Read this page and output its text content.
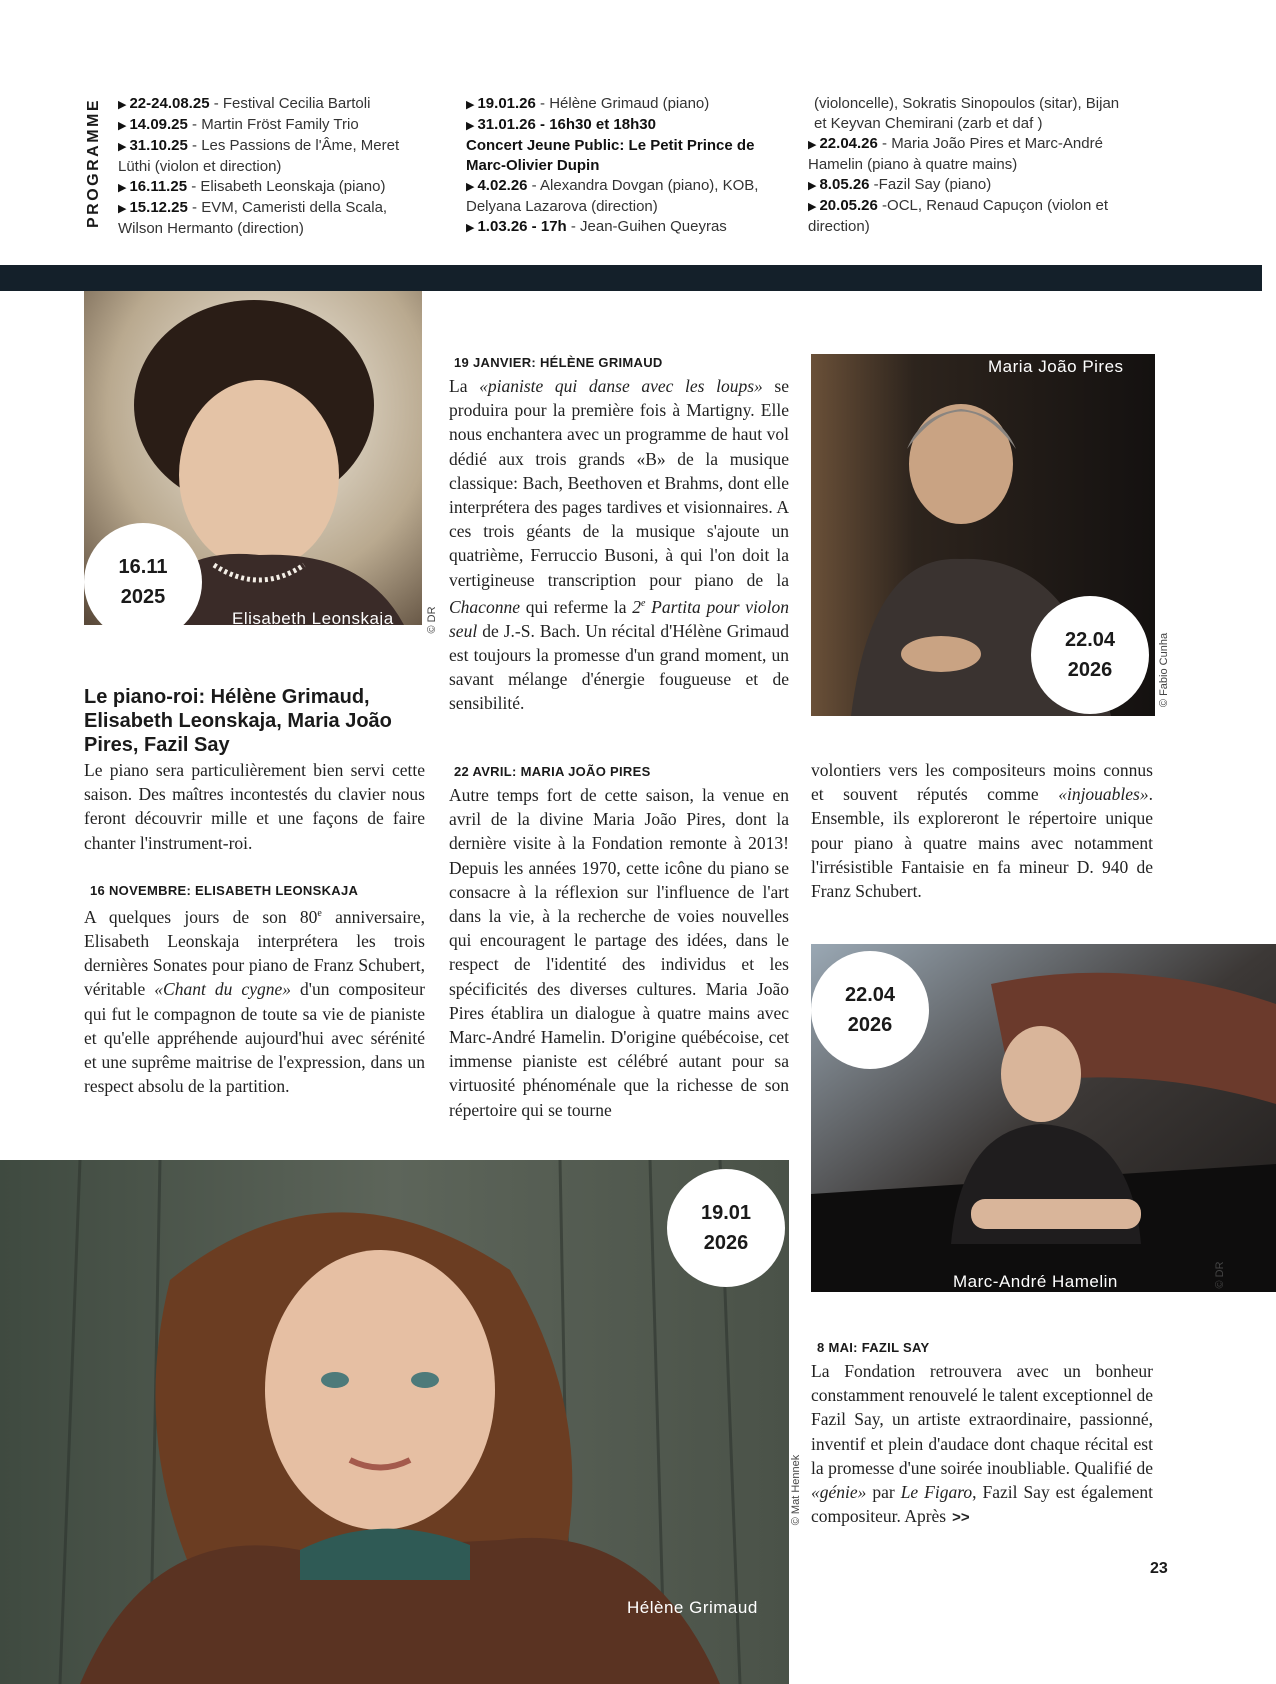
PROGRAMME ▶ 22-24.08.25 - Festival Cecilia Bartoli

▶ 14.09.25 - Martin Fröst Family Trio

▶ 31.10.25 - Les Passions de l'Âme, Meret Lüthi (violon et direction)

▶ 16.11.25 - Elisabeth Leonskaja (piano)

▶ 15.12.25 - EVM, Cameristi della Scala, Wilson Hermanto (direction)

▶ 19.01.26 - Hélène Grimaud (piano)

▶ 31.01.26 - 16h30 et 18h30

Concert Jeune Public: Le Petit Prince de Marc-Olivier Dupin

▶ 4.02.26 - Alexandra Dovgan (piano), KOB, Delyana Lazarova (direction)

▶ 1.03.26 - 17h - Jean-Guihen Queyras

(violoncelle), Sokratis Sinopoulos (sitar), Bijan et Keyvan Chemirani (zarb et daf )

▶ 22.04.26 - Maria João Pires et Marc-André Hamelin (piano à quatre mains)

▶ 8.05.26 -Fazil Say (piano)

▶ 20.05.26 -OCL, Renaud Capuçon (violon et direction)

16.11
2025
Elisabeth Leonskaja	© DR
Maria João Pires
22.04
2026	© Fabio Cunha
22.04
2026
Marc-André Hamelin	© DR
19.01
2026
Hélène Grimaud
© Mat Hennek
Le piano-roi: Hélène Grimaud, Elisabeth Leonskaja, Maria João Pires, Fazil Say

Le piano sera particulièrement bien servi cette saison. Des maîtres incontestés du clavier nous feront découvrir mille et une façons de faire chanter l'instrument-roi.

16 NOVEMBRE: ELISABETH LEONSKAJA

A quelques jours de son 80e anniversaire, Elisabeth Leonskaja interprétera les trois dernières Sonates pour piano de Franz Schubert, véritable «Chant du cygne» d'un compositeur qui fut le compagnon de toute sa vie de pianiste et qu'elle appréhende aujourd'hui avec sérénité et une suprême maitrise de l'expression, dans un respect absolu de la partition.

19 JANVIER: HÉLÈNE GRIMAUD

La «pianiste qui danse avec les loups» se produira pour la première fois à Martigny. Elle nous enchantera avec un programme de haut vol dédié aux trois grands «B» de la musique classique: Bach, Beethoven et Brahms, dont elle interprétera des pages tardives et visionnaires. A ces trois géants de la musique s'ajoute un quatrième, Ferruccio Busoni, à qui l'on doit la vertigineuse transcription pour piano de la Chaconne qui referme la 2e Partita pour violon seul de J.-S. Bach. Un récital d'Hélène Grimaud est toujours la promesse d'un grand moment, un savant mélange d'énergie fougueuse et de sensibilité.

22 AVRIL: MARIA JOÃO PIRES

Autre temps fort de cette saison, la venue en avril de la divine Maria João Pires, dont la dernière visite à la Fondation remonte à 2013! Depuis les années 1970, cette icône du piano se consacre à la réflexion sur l'influence de l'art dans la vie, à la recherche de voies nouvelles qui encouragent le partage des idées, dans le respect de l'identité des individus et les spécificités des diverses cultures. Maria João Pires établira un dialogue à quatre mains avec Marc-André Hamelin. D'origine québécoise, cet immense pianiste est célébré autant pour sa virtuosité phénoménale que la richesse de son répertoire qui se tourne

volontiers vers les compositeurs moins connus et souvent réputés comme «injouables». Ensemble, ils exploreront le répertoire unique pour piano à quatre mains avec notamment l'irrésistible Fantaisie en fa mineur D. 940 de Franz Schubert.

8 MAI: FAZIL SAY

La Fondation retrouvera avec un bonheur constamment renouvelé le talent exceptionnel de Fazil Say, un artiste extraordinaire, passionné, inventif et plein d'audace dont chaque récital est la promesse d'une soirée inoubliable. Qualifié de «génie» par Le Figaro, Fazil Say est également compositeur. Après >>

23
